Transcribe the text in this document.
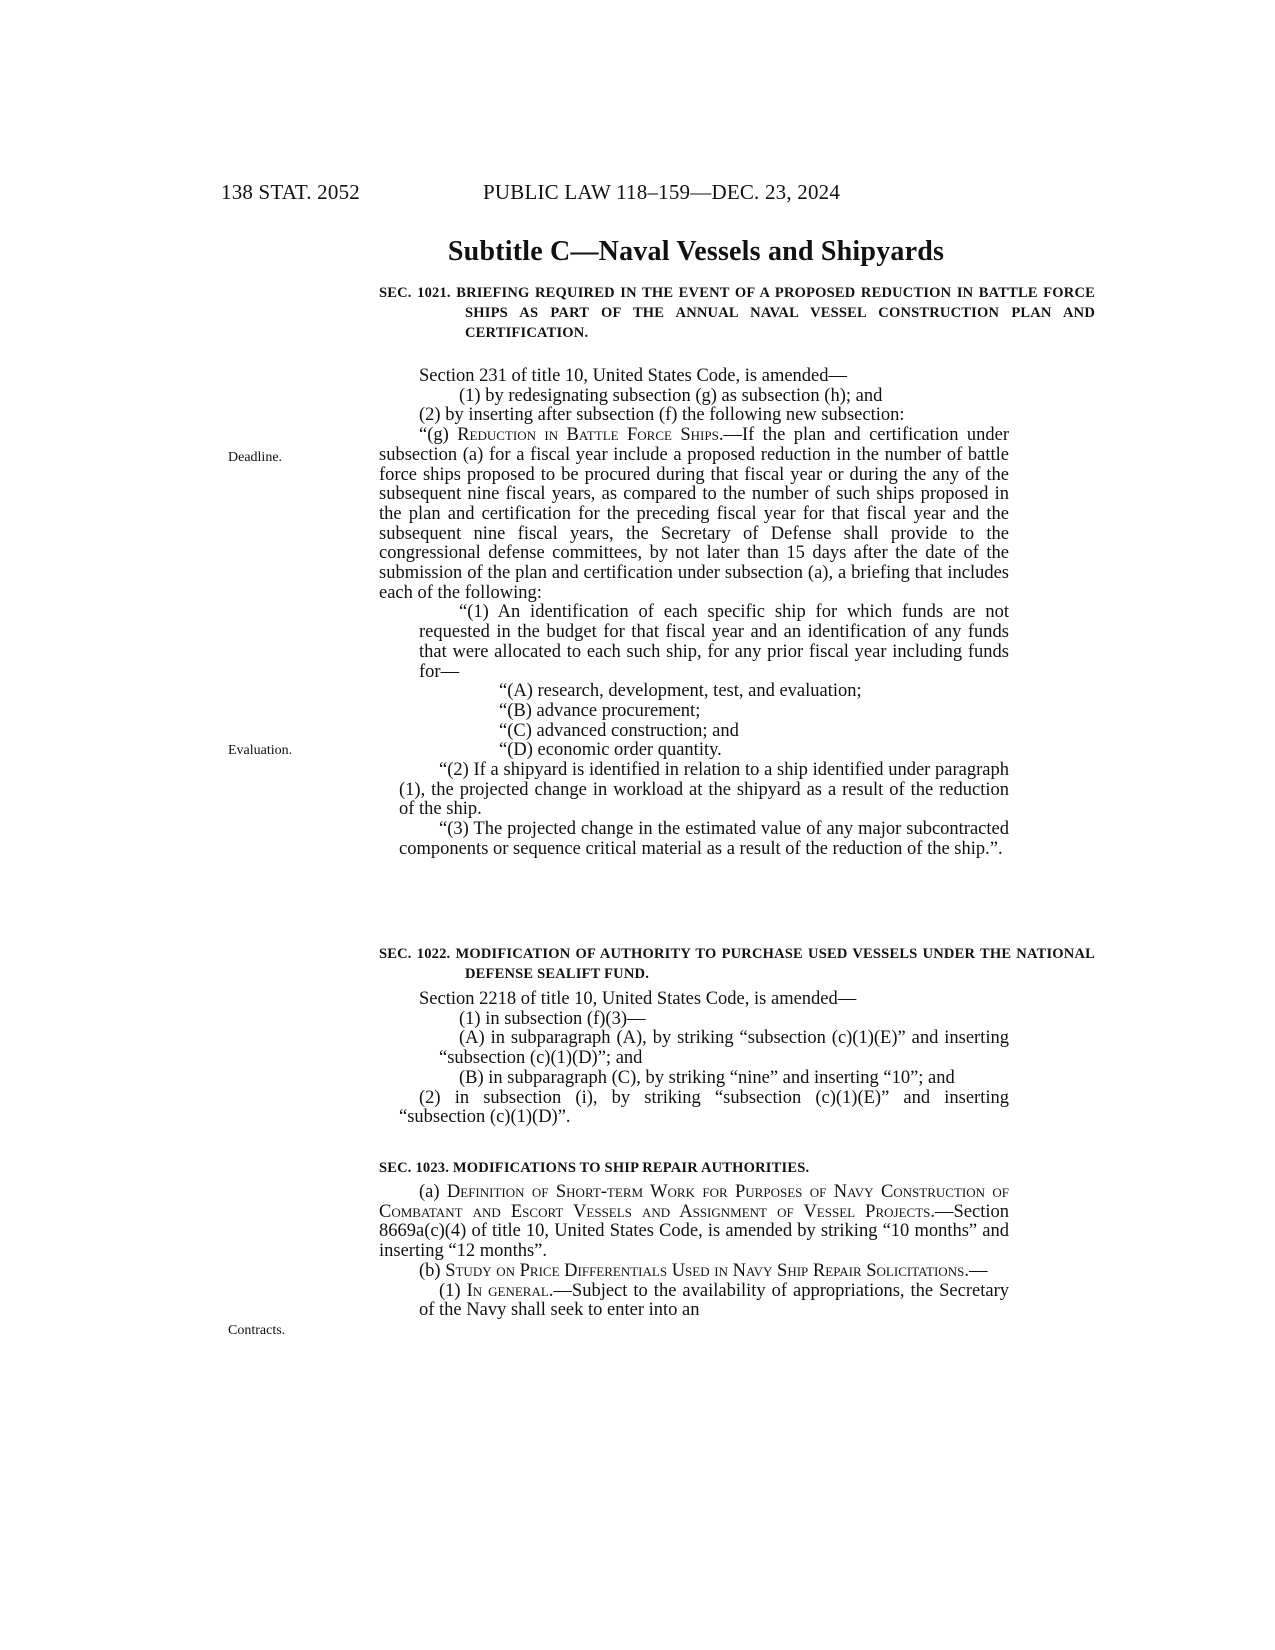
138 STAT. 2052	PUBLIC LAW 118–159—DEC. 23, 2024
Subtitle C—Naval Vessels and Shipyards
Deadline.
Evaluation.
Contracts.
SEC. 1021. BRIEFING REQUIRED IN THE EVENT OF A PROPOSED REDUCTION IN BATTLE FORCE SHIPS AS PART OF THE ANNUAL NAVAL VESSEL CONSTRUCTION PLAN AND CERTIFICATION.

Section 231 of title 10, United States Code, is amended—

(1) by redesignating subsection (g) as subsection (h); and

(2) by inserting after subsection (f) the following new subsection:

“(g) Reduction in Battle Force Ships.—If the plan and certification under subsection (a) for a fiscal year include a proposed reduction in the number of battle force ships proposed to be procured during that fiscal year or during the any of the subsequent nine fiscal years, as compared to the number of such ships proposed in the plan and certification for the preceding fiscal year for that fiscal year and the subsequent nine fiscal years, the Secretary of Defense shall provide to the congressional defense committees, by not later than 15 days after the date of the submission of the plan and certification under subsection (a), a briefing that includes each of the following:

“(1) An identification of each specific ship for which funds are not requested in the budget for that fiscal year and an identification of any funds that were allocated to each such ship, for any prior fiscal year including funds for—

“(A) research, development, test, and evaluation;

“(B) advance procurement;

“(C) advanced construction; and

“(D) economic order quantity.

“(2) If a shipyard is identified in relation to a ship identified under paragraph (1), the projected change in workload at the shipyard as a result of the reduction of the ship.

“(3) The projected change in the estimated value of any major subcontracted components or sequence critical material as a result of the reduction of the ship.”.

SEC. 1022. MODIFICATION OF AUTHORITY TO PURCHASE USED VESSELS UNDER THE NATIONAL DEFENSE SEALIFT FUND.

Section 2218 of title 10, United States Code, is amended—

(1) in subsection (f)(3)—

(A) in subparagraph (A), by striking “subsection (c)(1)(E)” and inserting “subsection (c)(1)(D)”; and

(B) in subparagraph (C), by striking “nine” and inserting “10”; and

(2) in subsection (i), by striking “subsection (c)(1)(E)” and inserting “subsection (c)(1)(D)”.

SEC. 1023. MODIFICATIONS TO SHIP REPAIR AUTHORITIES.

(a) Definition of Short-term Work for Purposes of Navy Construction of Combatant and Escort Vessels and Assignment of Vessel Projects.—Section 8669a(c)(4) of title 10, United States Code, is amended by striking “10 months” and inserting “12 months”.

(b) Study on Price Differentials Used in Navy Ship Repair Solicitations.—

(1) In general.—Subject to the availability of appropriations, the Secretary of the Navy shall seek to enter into an
